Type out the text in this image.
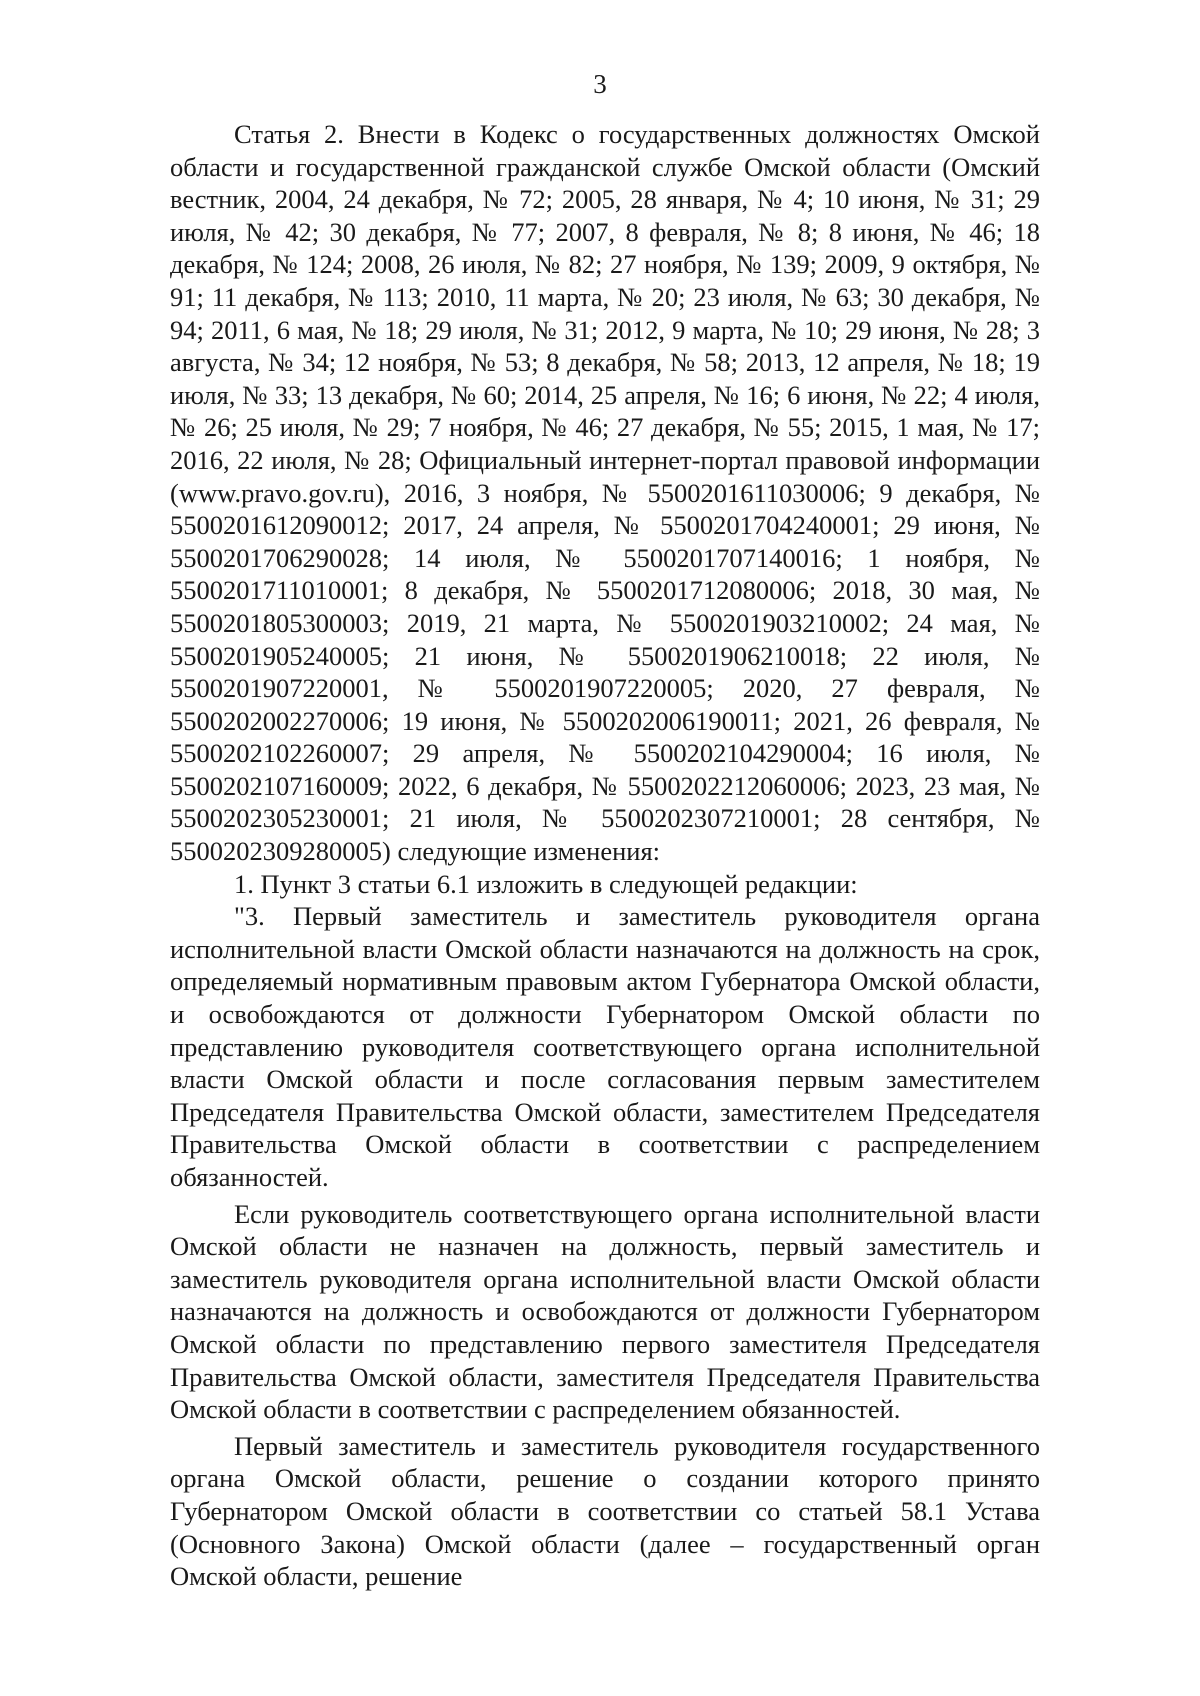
3

Статья 2. Внести в Кодекс о государственных должностях Омской области и государственной гражданской службе Омской области (Омский вестник, 2004, 24 декабря, № 72; 2005, 28 января, № 4; 10 июня, № 31; 29 июля, № 42; 30 декабря, № 77; 2007, 8 февраля, № 8; 8 июня, № 46; 18 декабря, № 124; 2008, 26 июля, № 82; 27 ноября, № 139; 2009, 9 октября, № 91; 11 декабря, № 113; 2010, 11 марта, № 20; 23 июля, № 63; 30 декабря, № 94; 2011, 6 мая, № 18; 29 июля, № 31; 2012, 9 марта, № 10; 29 июня, № 28; 3 августа, № 34; 12 ноября, № 53; 8 декабря, № 58; 2013, 12 апреля, № 18; 19 июля, № 33; 13 декабря, № 60; 2014, 25 апреля, № 16; 6 июня, № 22; 4 июля, № 26; 25 июля, № 29; 7 ноября, № 46; 27 декабря, № 55; 2015, 1 мая, № 17; 2016, 22 июля, № 28; Официальный интернет-портал правовой информации (www.pravo.gov.ru), 2016, 3 ноября, № 5500201611030006; 9 декабря, № 5500201612090012; 2017, 24 апреля, № 5500201704240001; 29 июня, № 5500201706290028; 14 июля, № 5500201707140016; 1 ноября, № 5500201711010001; 8 декабря, № 5500201712080006; 2018, 30 мая, № 5500201805300003; 2019, 21 марта, № 5500201903210002; 24 мая, № 5500201905240005; 21 июня, № 5500201906210018; 22 июля, № 5500201907220001, № 5500201907220005; 2020, 27 февраля, № 5500202002270006; 19 июня, № 5500202006190011; 2021, 26 февраля, № 5500202102260007; 29 апреля, № 5500202104290004; 16 июля, № 5500202107160009; 2022, 6 декабря, № 5500202212060006; 2023, 23 мая, № 5500202305230001; 21 июля, № 5500202307210001; 28 сентября, № 5500202309280005) следующие изменения:

1. Пункт 3 статьи 6.1 изложить в следующей редакции:

"3. Первый заместитель и заместитель руководителя органа исполнительной власти Омской области назначаются на должность на срок, определяемый нормативным правовым актом Губернатора Омской области, и освобождаются от должности Губернатором Омской области по представлению руководителя соответствующего органа исполнительной власти Омской области и после согласования первым заместителем Председателя Правительства Омской области, заместителем Председателя Правительства Омской области в соответствии с распределением обязанностей.

Если руководитель соответствующего органа исполнительной власти Омской области не назначен на должность, первый заместитель и заместитель руководителя органа исполнительной власти Омской области назначаются на должность и освобождаются от должности Губернатором Омской области по представлению первого заместителя Председателя Правительства Омской области, заместителя Председателя Правительства Омской области в соответствии с распределением обязанностей.

Первый заместитель и заместитель руководителя государственного органа Омской области, решение о создании которого принято Губернатором Омской области в соответствии со статьей 58.1 Устава (Основного Закона) Омской области (далее – государственный орган Омской области, решение
